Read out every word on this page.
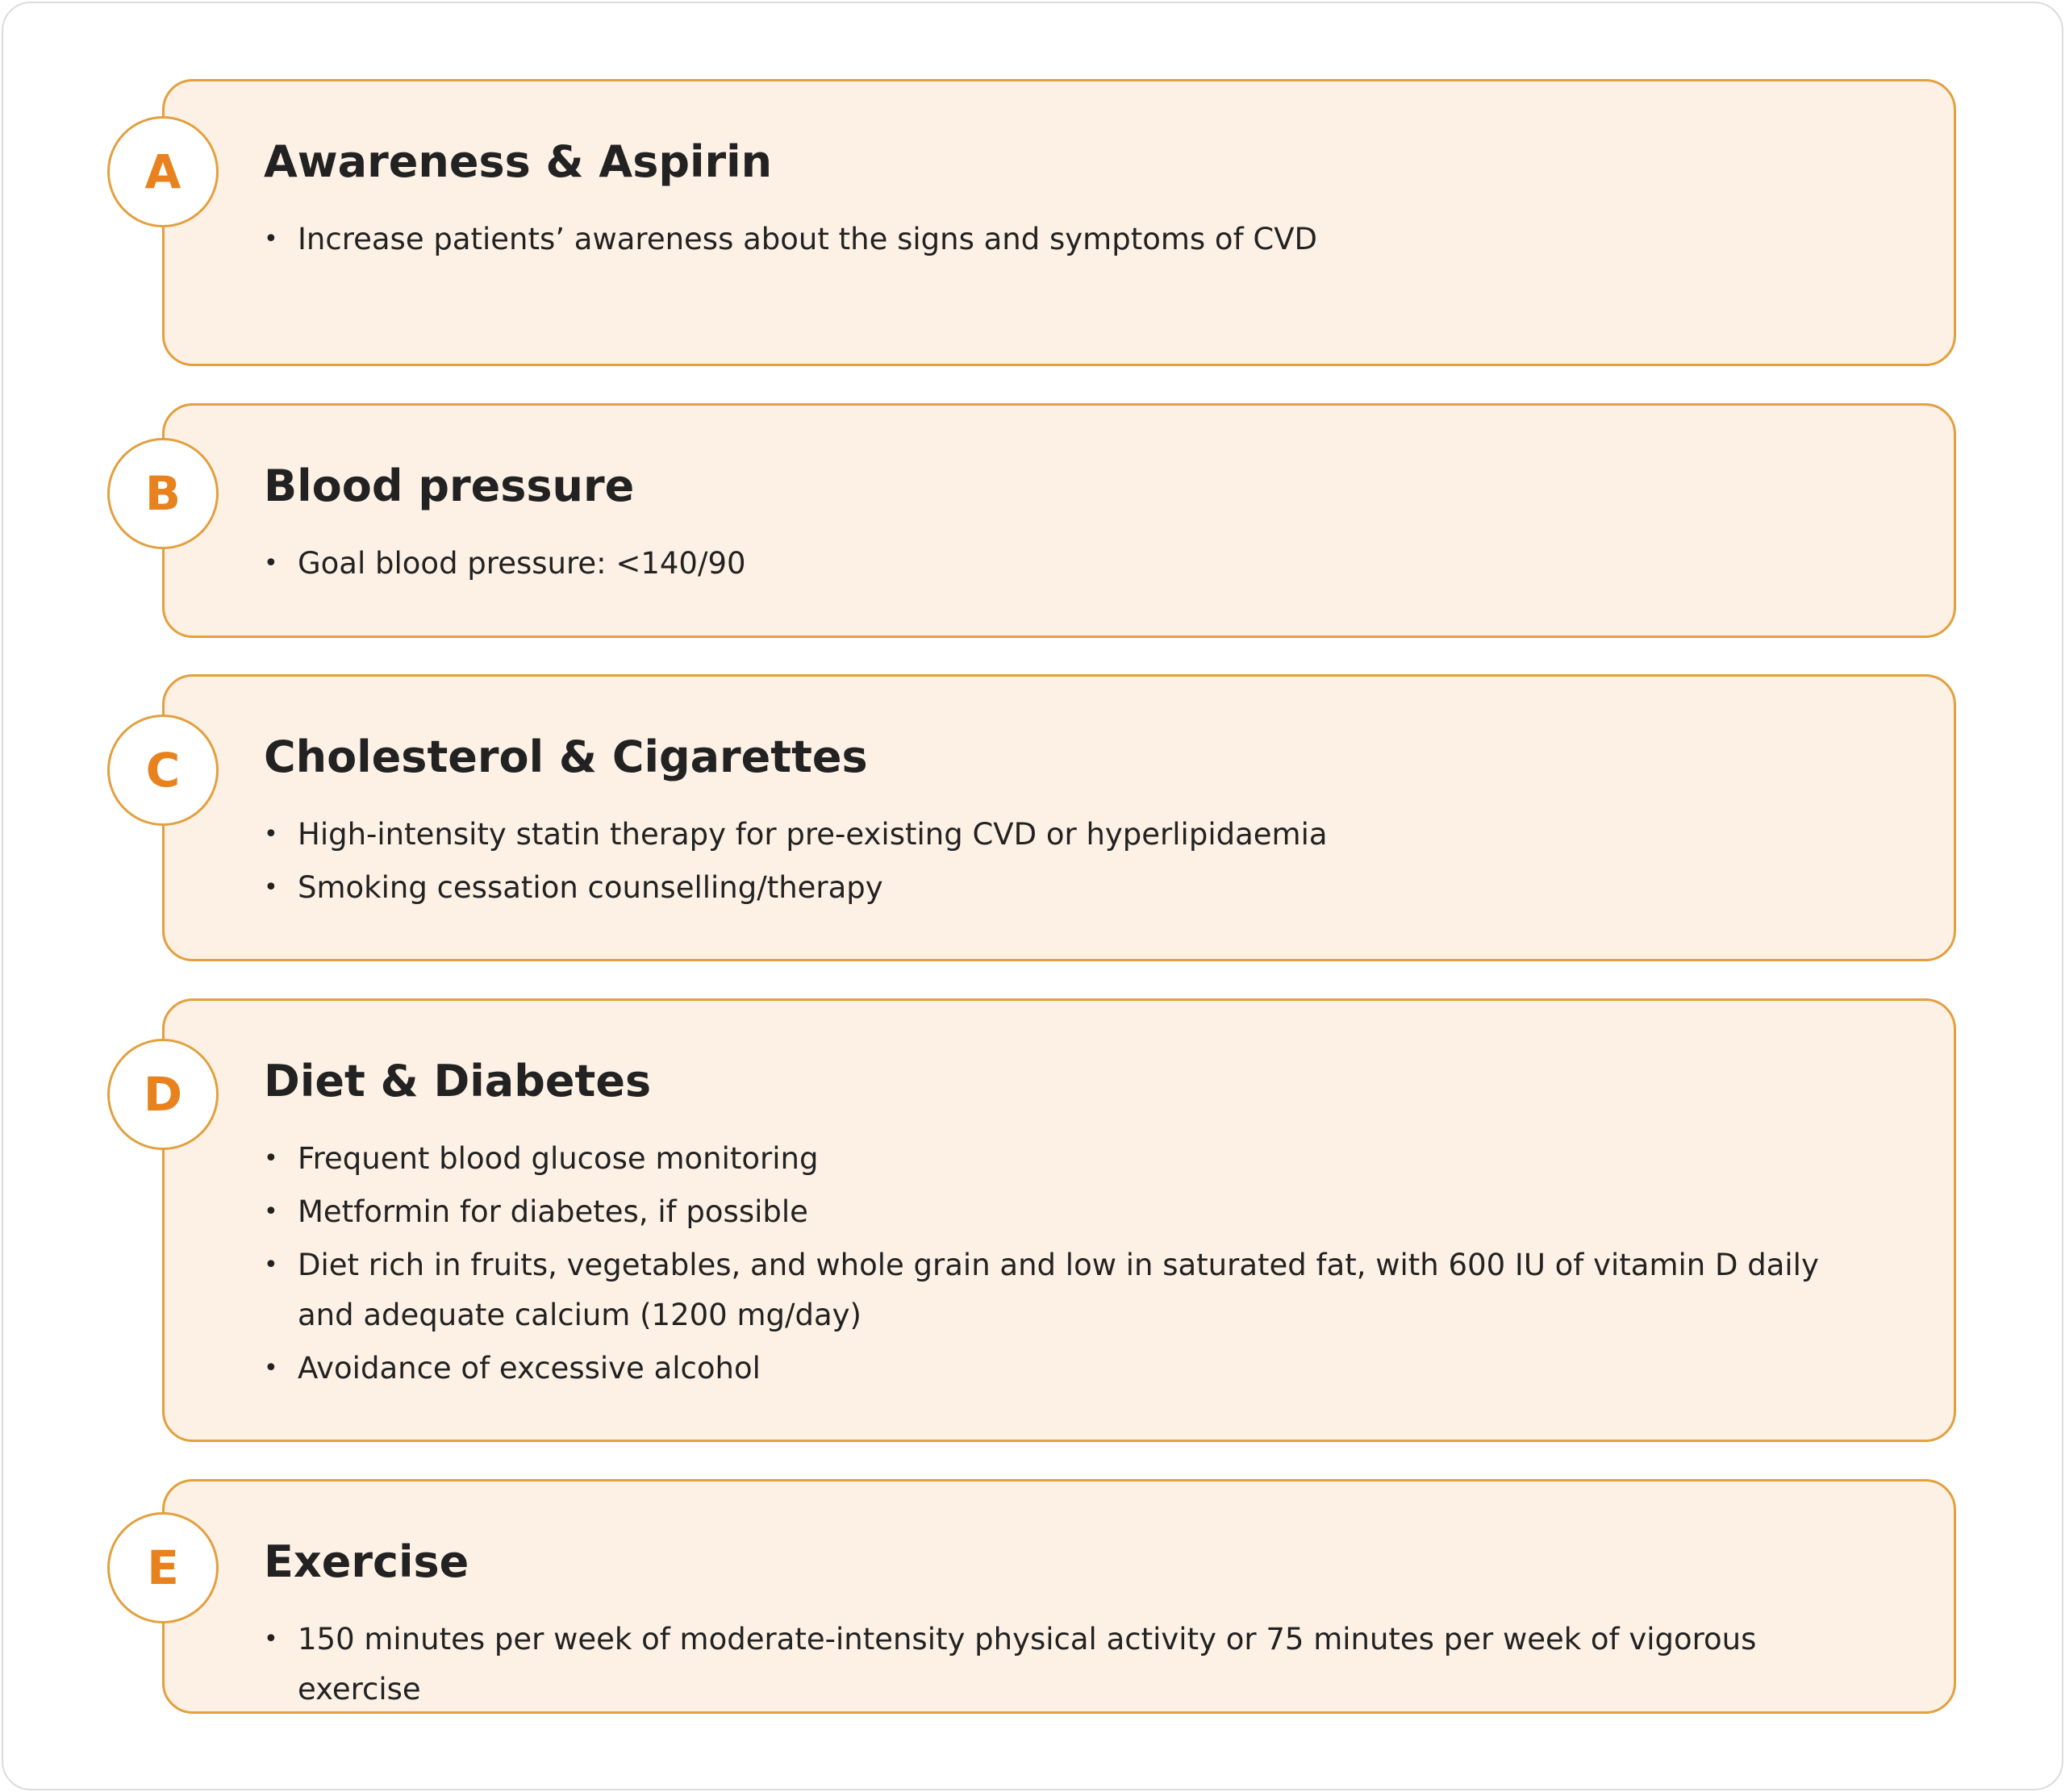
Awareness & Aspirin
• Increase patients’ awareness about the signs and symptoms of CVD
A
Blood pressure
• Goal blood pressure: <140/90
B
Cholesterol & Cigarettes
• High-intensity statin therapy for pre-existing CVD or hyperlipidaemia
• Smoking cessation counselling/therapy
C
Diet & Diabetes
• Frequent blood glucose monitoring
• Metformin for diabetes, if possible
• Diet rich in fruits, vegetables, and whole grain and low in saturated fat, with 600 IU of vitamin D daily and adequate calcium (1200 mg/day)
• Avoidance of excessive alcohol
D
Exercise
• 150 minutes per week of moderate-intensity physical activity or 75 minutes per week of vigorous exercise
E
